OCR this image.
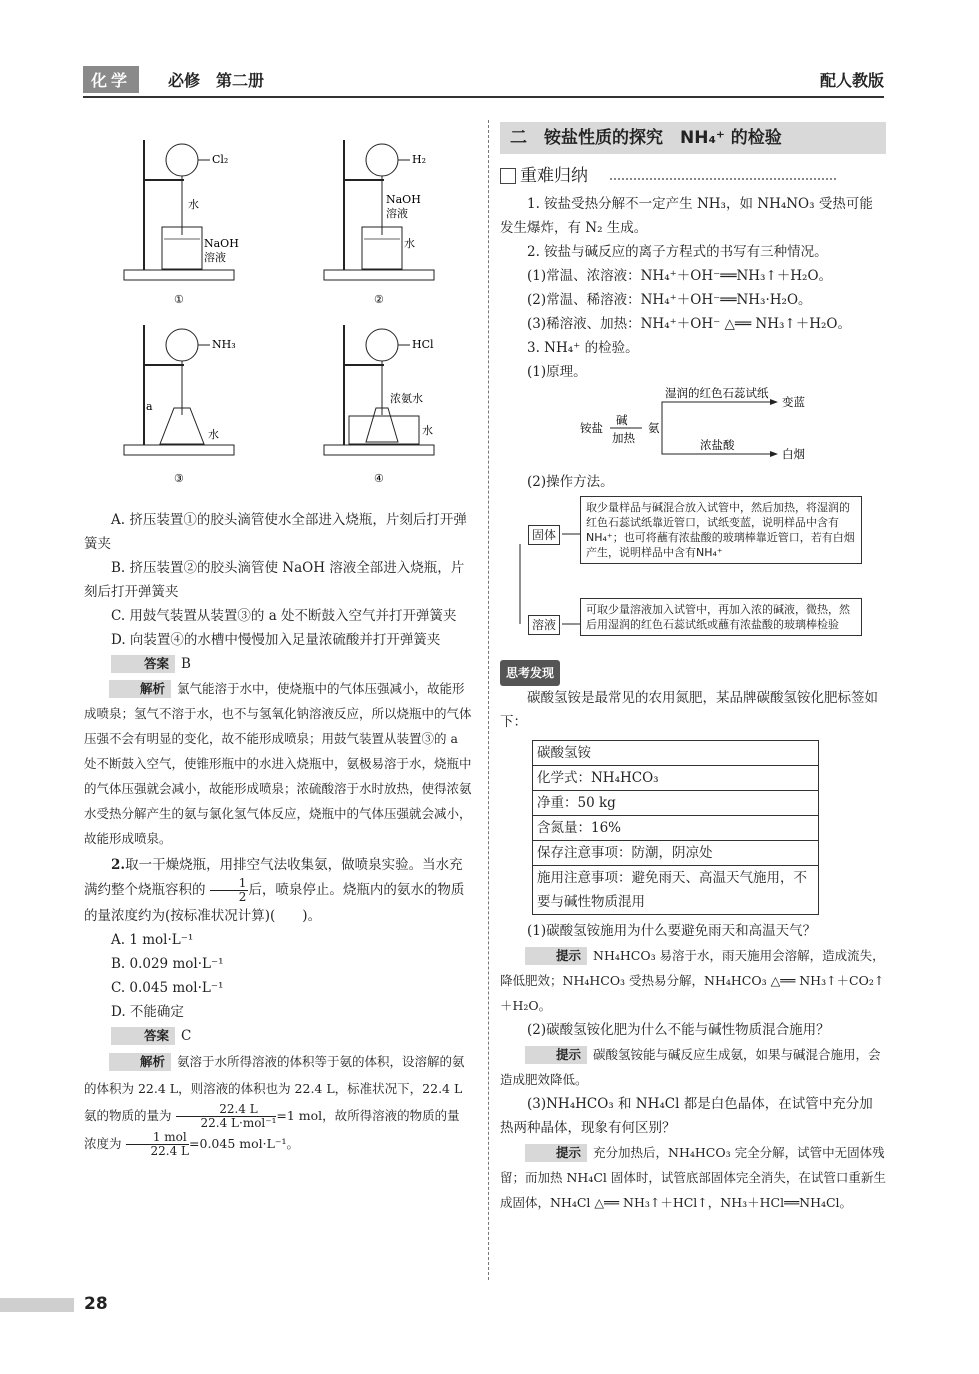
化学	必修　第二册	配人教版
Cl₂
水
NaOH
溶液
①
H₂
NaOH
溶液
水
②
NH₃
a
水
③
HCl
浓氨水
水
④

A. 挤压装置①的胶头滴管使水全部进入烧瓶，片刻后打开弹簧夹

B. 挤压装置②的胶头滴管使 NaOH 溶液全部进入烧瓶，片刻后打开弹簧夹

C. 用鼓气装置从装置③的 a 处不断鼓入空气并打开弹簧夹

D. 向装置④的水槽中慢慢加入足量浓硫酸并打开弹簧夹

答案 B

解析 氯气能溶于水中，使烧瓶中的气体压强减小，故能形成喷泉；氢气不溶于水，也不与氢氧化钠溶液反应，所以烧瓶中的气体压强不会有明显的变化，故不能形成喷泉；用鼓气装置从装置③的 a 处不断鼓入空气，使锥形瓶中的水进入烧瓶中，氨极易溶于水，烧瓶中的气体压强就会减小，故能形成喷泉；浓硫酸溶于水时放热，使得浓氨水受热分解产生的氨与氯化氢气体反应，烧瓶中的气体压强就会减小，故能形成喷泉。

2.取一干燥烧瓶，用排空气法收集氨，做喷泉实验。当水充满约整个烧瓶容积的 $\frac{1}{2}$ 后，喷泉停止。烧瓶内的氨水的物质的量浓度约为(按标准状况计算)(　　)。

A. 1 mol·L⁻¹

B. 0.029 mol·L⁻¹

C. 0.045 mol·L⁻¹

D. 不能确定

答案 C

解析 氨溶于水所得溶液的体积等于氨的体积，设溶解的氨的体积为 22.4 L，则溶液的体积也为 22.4 L，标准状况下，22.4 L 氨的物质的量为 $\frac{22.4 L}{\text{22.4 L·mol⁻¹}} =1$ mol，故所得溶液的物质的量浓度为 $\frac{\text{1 mol}}{22.4 L} =0.045$ mol·L⁻¹。

二　铵盐性质的探究　NH₄⁺ 的检验
重难归纳

1. 铵盐受热分解不一定产生 NH₃，如 NH₄NO₃ 受热可能发生爆炸，有 N₂ 生成。

2. 铵盐与碱反应的离子方程式的书写有三种情况。

(1)常温、浓溶液：NH₄⁺＋OH⁻══NH₃↑＋H₂O。

(2)常温、稀溶液：NH₄⁺＋OH⁻══NH₃·H₂O。

(3)稀溶液、加热：NH₄⁺＋OH⁻ △══ NH₃↑＋H₂O。

3. NH₄⁺ 的检验。

(1)原理。

铵盐
碱
加热
氨
湿润的红色石蕊试纸
变蓝
浓盐酸
白烟

(2)操作方法。

固体
取少量样品与碱混合放入试管中，然后加热，将湿润的红色石蕊试纸靠近管口，试纸变蓝，说明样品中含有NH₄⁺；也可将蘸有浓盐酸的玻璃棒靠近管口，若有白烟产生，说明样品中含有NH₄⁺
溶液
可取少量溶液加入试管中，再加入浓的碱液，微热，然后用湿润的红色石蕊试纸或蘸有浓盐酸的玻璃棒检验

思考发现

碳酸氢铵是最常见的农用氮肥，某品牌碳酸氢铵化肥标签如下：

碳酸氢铵
化学式：NH₄HCO₃
净重：50 kg
含氮量：16%
保存注意事项：防潮，阴凉处
施用注意事项：避免雨天、高温天气施用，不要与碱性物质混用

(1)碳酸氢铵施用为什么要避免雨天和高温天气？

提示 NH₄HCO₃ 易溶于水，雨天施用会溶解，造成流失，降低肥效；NH₄HCO₃ 受热易分解，NH₄HCO₃ △══ NH₃↑＋CO₂↑＋H₂O。

(2)碳酸氢铵化肥为什么不能与碱性物质混合施用？

提示 碳酸氢铵能与碱反应生成氨，如果与碱混合施用，会造成肥效降低。

(3)NH₄HCO₃ 和 NH₄Cl 都是白色晶体，在试管中充分加热两种晶体，现象有何区别？

提示 充分加热后，NH₄HCO₃ 完全分解，试管中无固体残留；而加热 NH₄Cl 固体时，试管底部固体完全消失，在试管口重新生成固体，NH₄Cl △══ NH₃↑＋HCl↑，NH₃＋HCl══NH₄Cl。

28
